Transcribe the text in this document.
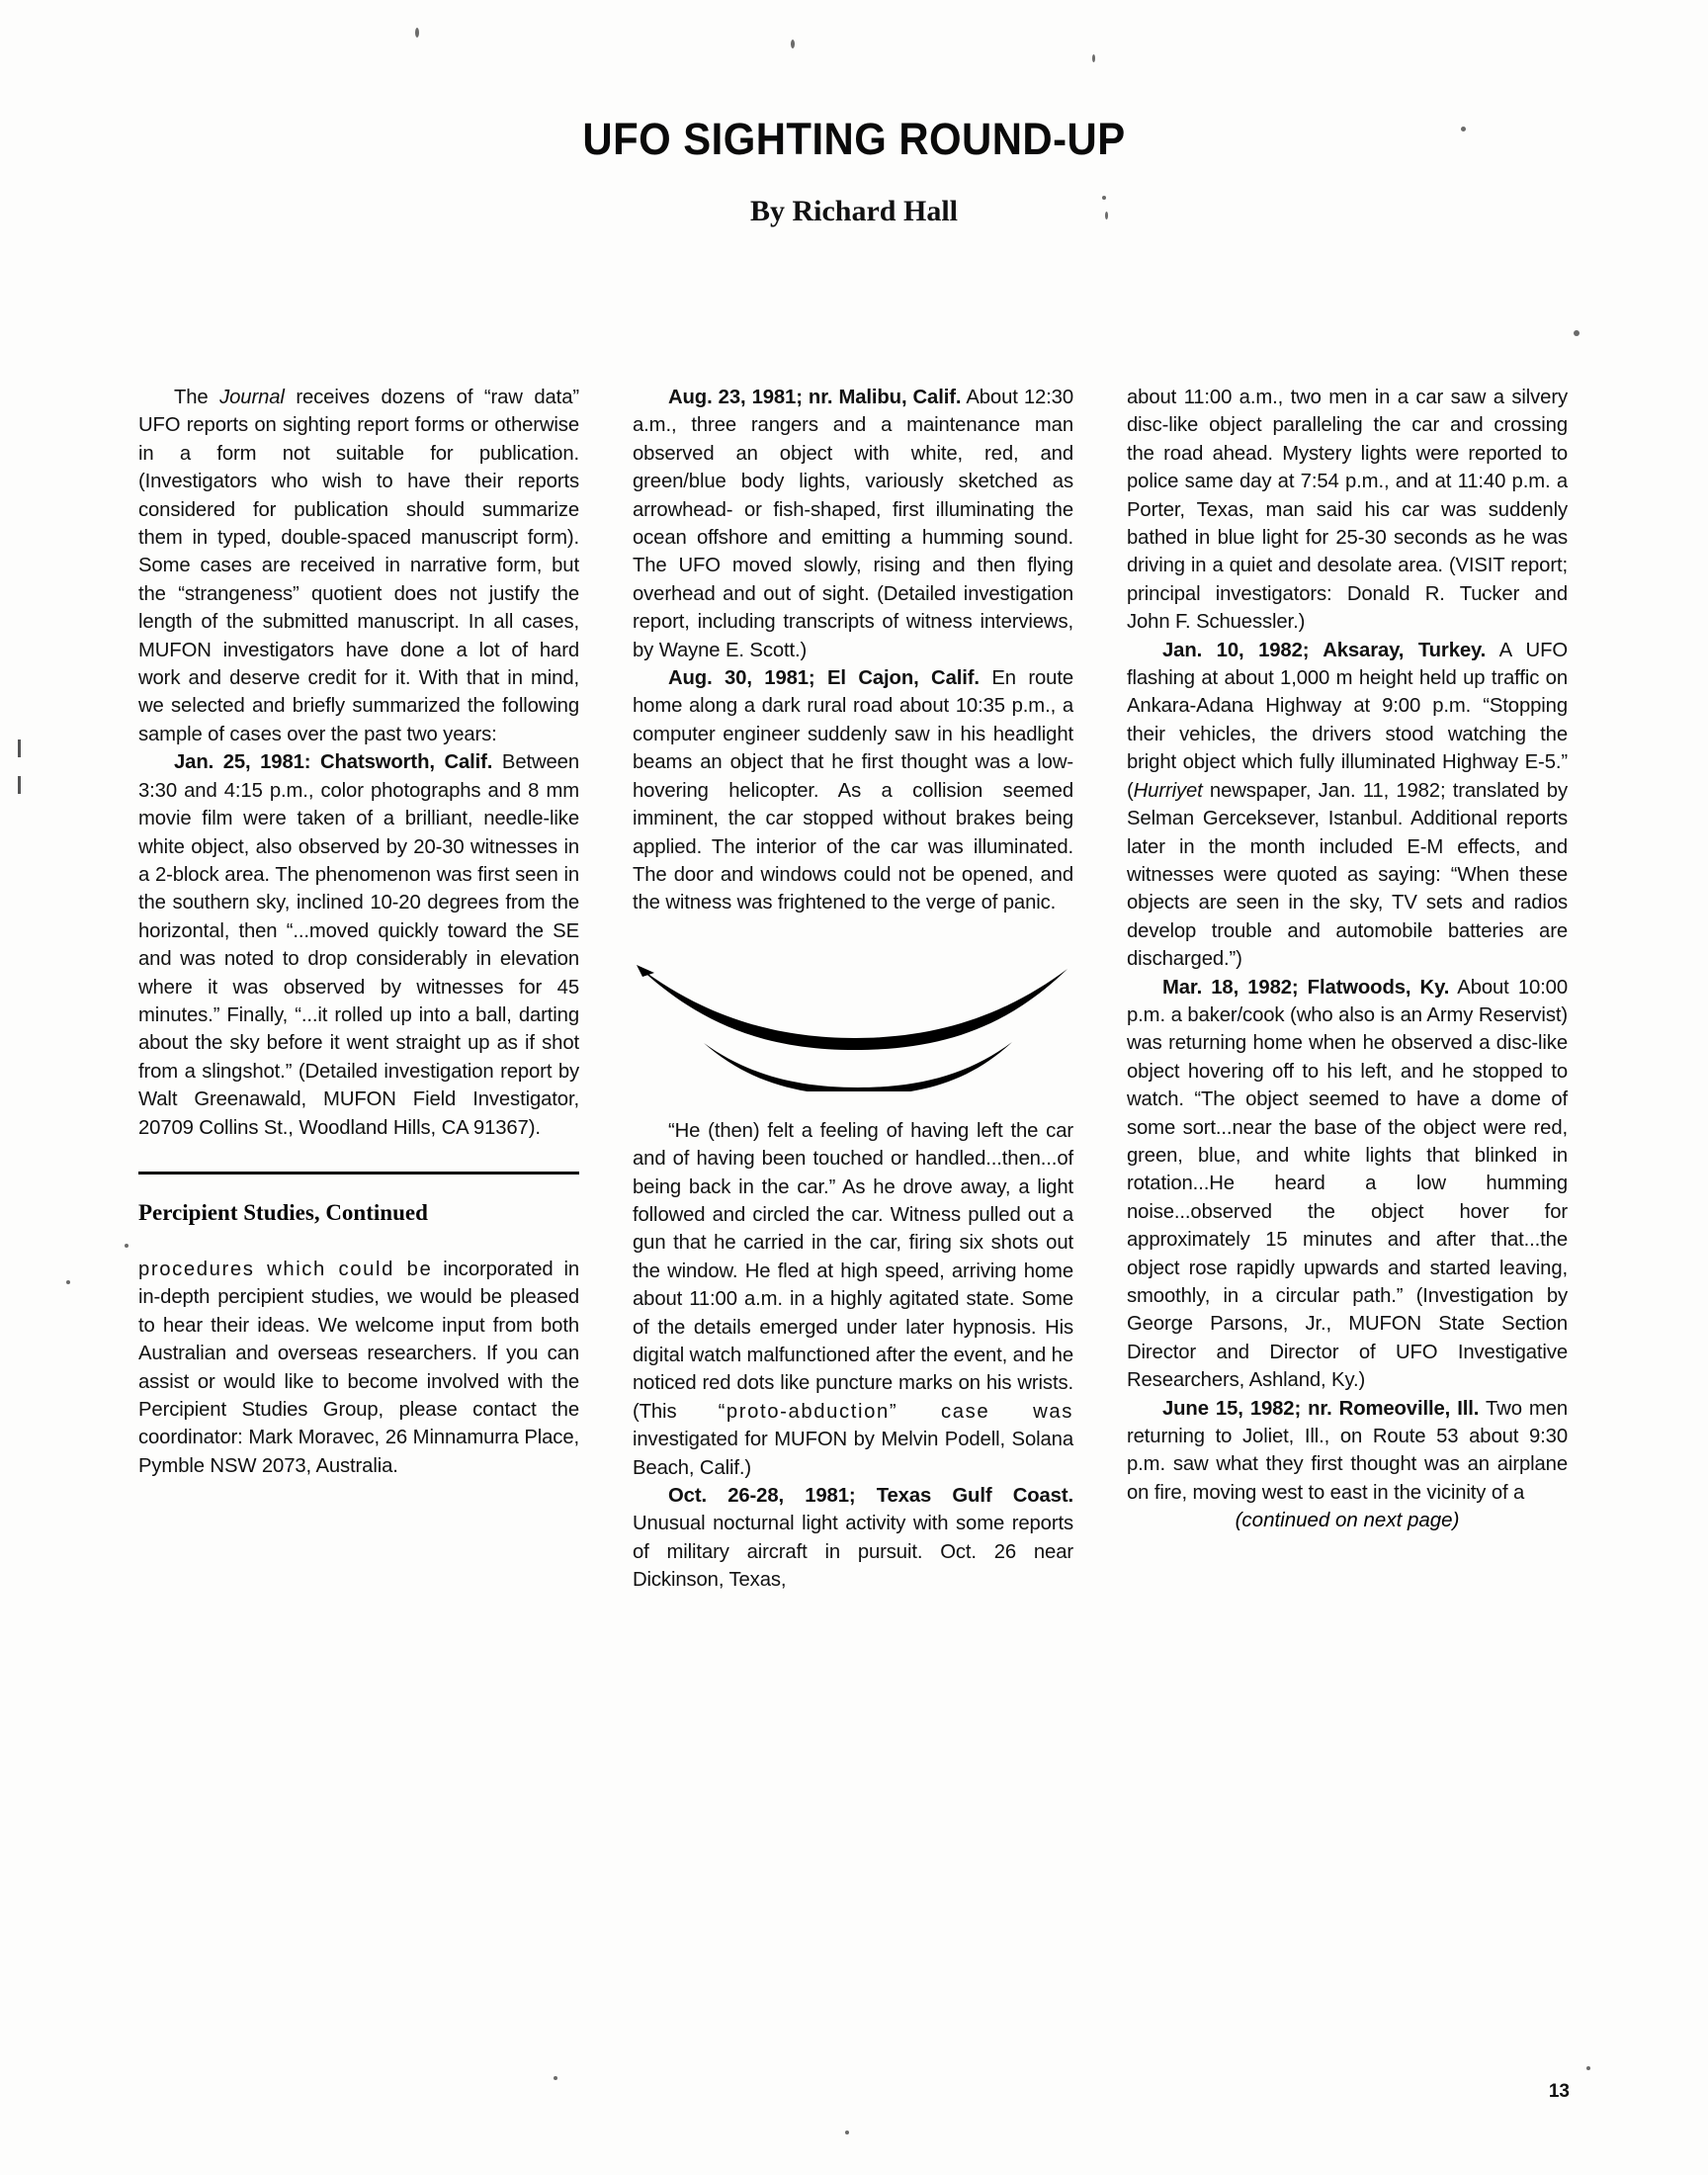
UFO SIGHTING ROUND-UP
By Richard Hall
The Journal receives dozens of “raw data” UFO reports on sighting report forms or otherwise in a form not suitable for publication. (Investigators who wish to have their reports considered for publication should summarize them in typed, double-spaced manuscript form). Some cases are received in narrative form, but the “strangeness” quotient does not justify the length of the submitted manuscript. In all cases, MUFON investigators have done a lot of hard work and deserve credit for it. With that in mind, we selected and briefly summarized the following sample of cases over the past two years:
Jan. 25, 1981: Chatsworth, Calif. Between 3:30 and 4:15 p.m., color photographs and 8 mm movie film were taken of a brilliant, needle-like white object, also observed by 20-30 witnesses in a 2-block area. The phenomenon was first seen in the southern sky, inclined 10-20 degrees from the horizontal, then “...moved quickly toward the SE and was noted to drop considerably in elevation where it was observed by witnesses for 45 minutes.” Finally, “...it rolled up into a ball, darting about the sky before it went straight up as if shot from a slingshot.” (Detailed investigation report by Walt Greenawald, MUFON Field Investigator, 20709 Collins St., Woodland Hills, CA 91367).
Percipient Studies, Continued
procedures which could be incorporated in in-depth percipient studies, we would be pleased to hear their ideas. We welcome input from both Australian and overseas researchers. If you can assist or would like to become involved with the Percipient Studies Group, please contact the coordinator: Mark Moravec, 26 Minnamurra Place, Pymble NSW 2073, Australia.
Aug. 23, 1981; nr. Malibu, Calif. About 12:30 a.m., three rangers and a maintenance man observed an object with white, red, and green/blue body lights, variously sketched as arrowhead- or fish-shaped, first illuminating the ocean offshore and emitting a humming sound. The UFO moved slowly, rising and then flying overhead and out of sight. (Detailed investigation report, including transcripts of witness interviews, by Wayne E. Scott.)
Aug. 30, 1981; El Cajon, Calif. En route home along a dark rural road about 10:35 p.m., a computer engineer suddenly saw in his headlight beams an object that he first thought was a low-hovering helicopter. As a collision seemed imminent, the car stopped without brakes being applied. The interior of the car was illuminated. The door and windows could not be opened, and the witness was frightened to the verge of panic.
“He (then) felt a feeling of having left the car and of having been touched or handled...then...of being back in the car.” As he drove away, a light followed and circled the car. Witness pulled out a gun that he carried in the car, firing six shots out the window. He fled at high speed, arriving home about 11:00 a.m. in a highly agitated state. Some of the details emerged under later hypnosis. His digital watch malfunctioned after the event, and he noticed red dots like puncture marks on his wrists. (This “proto-abduction” case was investigated for MUFON by Melvin Podell, Solana Beach, Calif.)
Oct. 26-28, 1981; Texas Gulf Coast. Unusual nocturnal light activity with some reports of military aircraft in pursuit. Oct. 26 near Dickinson, Texas,
about 11:00 a.m., two men in a car saw a silvery disc-like object paralleling the car and crossing the road ahead. Mystery lights were reported to police same day at 7:54 p.m., and at 11:40 p.m. a Porter, Texas, man said his car was suddenly bathed in blue light for 25-30 seconds as he was driving in a quiet and desolate area. (VISIT report; principal investigators: Donald R. Tucker and John F. Schuessler.)
Jan. 10, 1982; Aksaray, Turkey. A UFO flashing at about 1,000 m height held up traffic on Ankara-Adana Highway at 9:00 p.m. “Stopping their vehicles, the drivers stood watching the bright object which fully illuminated Highway E-5.” (Hurriyet newspaper, Jan. 11, 1982; translated by Selman Gerceksever, Istanbul. Additional reports later in the month included E-M effects, and witnesses were quoted as saying: “When these objects are seen in the sky, TV sets and radios develop trouble and automobile batteries are discharged.”)
Mar. 18, 1982; Flatwoods, Ky. About 10:00 p.m. a baker/cook (who also is an Army Reservist) was returning home when he observed a disc-like object hovering off to his left, and he stopped to watch. “The object seemed to have a dome of some sort...near the base of the object were red, green, blue, and white lights that blinked in rotation...He heard a low humming noise...observed the object hover for approximately 15 minutes and after that...the object rose rapidly upwards and started leaving, smoothly, in a circular path.” (Investigation by George Parsons, Jr., MUFON State Section Director and Director of UFO Investigative Researchers, Ashland, Ky.)
June 15, 1982; nr. Romeoville, Ill. Two men returning to Joliet, Ill., on Route 53 about 9:30 p.m. saw what they first thought was an airplane on fire, moving west to east in the vicinity of a
(continued on next page)
13
